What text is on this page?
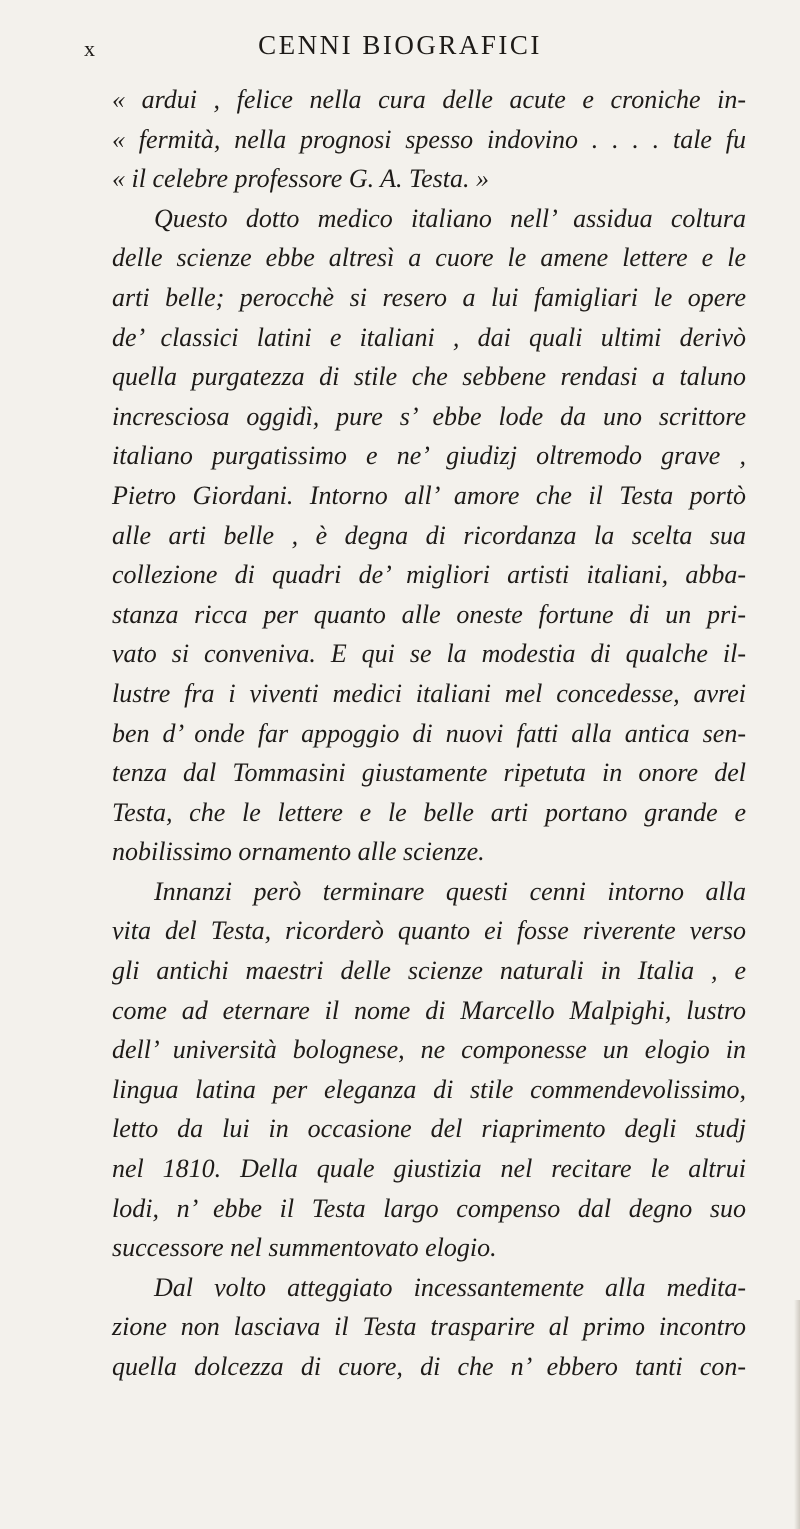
x	CENNI BIOGRAFICI
« ardui , felice nella cura delle acute e croniche in-
« fermità, nella prognosi spesso indovino . . . . tale fu
« il celebre professore G. A. Testa. »
Questo dotto medico italiano nell’ assidua coltura
delle scienze ebbe altresì a cuore le amene lettere e le
arti belle; perocchè si resero a lui famigliari le opere
de’ classici latini e italiani , dai quali ultimi derivò
quella purgatezza di stile che sebbene rendasi a taluno
incresciosa oggidì, pure s’ ebbe lode da uno scrittore
italiano purgatissimo e ne’ giudizj oltremodo grave ,
Pietro Giordani. Intorno all’ amore che il Testa portò
alle arti belle , è degna di ricordanza la scelta sua
collezione di quadri de’ migliori artisti italiani, abba-
stanza ricca per quanto alle oneste fortune di un pri-
vato si conveniva. E qui se la modestia di qualche il-
lustre fra i viventi medici italiani mel concedesse, avrei
ben d’ onde far appoggio di nuovi fatti alla antica sen-
tenza dal Tommasini giustamente ripetuta in onore del
Testa, che le lettere e le belle arti portano grande e
nobilissimo ornamento alle scienze.
Innanzi però terminare questi cenni intorno alla
vita del Testa, ricorderò quanto ei fosse riverente verso
gli antichi maestri delle scienze naturali in Italia , e
come ad eternare il nome di Marcello Malpighi, lustro
dell’ università bolognese, ne componesse un elogio in
lingua latina per eleganza di stile commendevolissimo,
letto da lui in occasione del riaprimento degli studj
nel 1810. Della quale giustizia nel recitare le altrui
lodi, n’ ebbe il Testa largo compenso dal degno suo
successore nel summentovato elogio.
Dal volto atteggiato incessantemente alla medita-
zione non lasciava il Testa trasparire al primo incontro
quella dolcezza di cuore, di che n’ ebbero tanti con-
